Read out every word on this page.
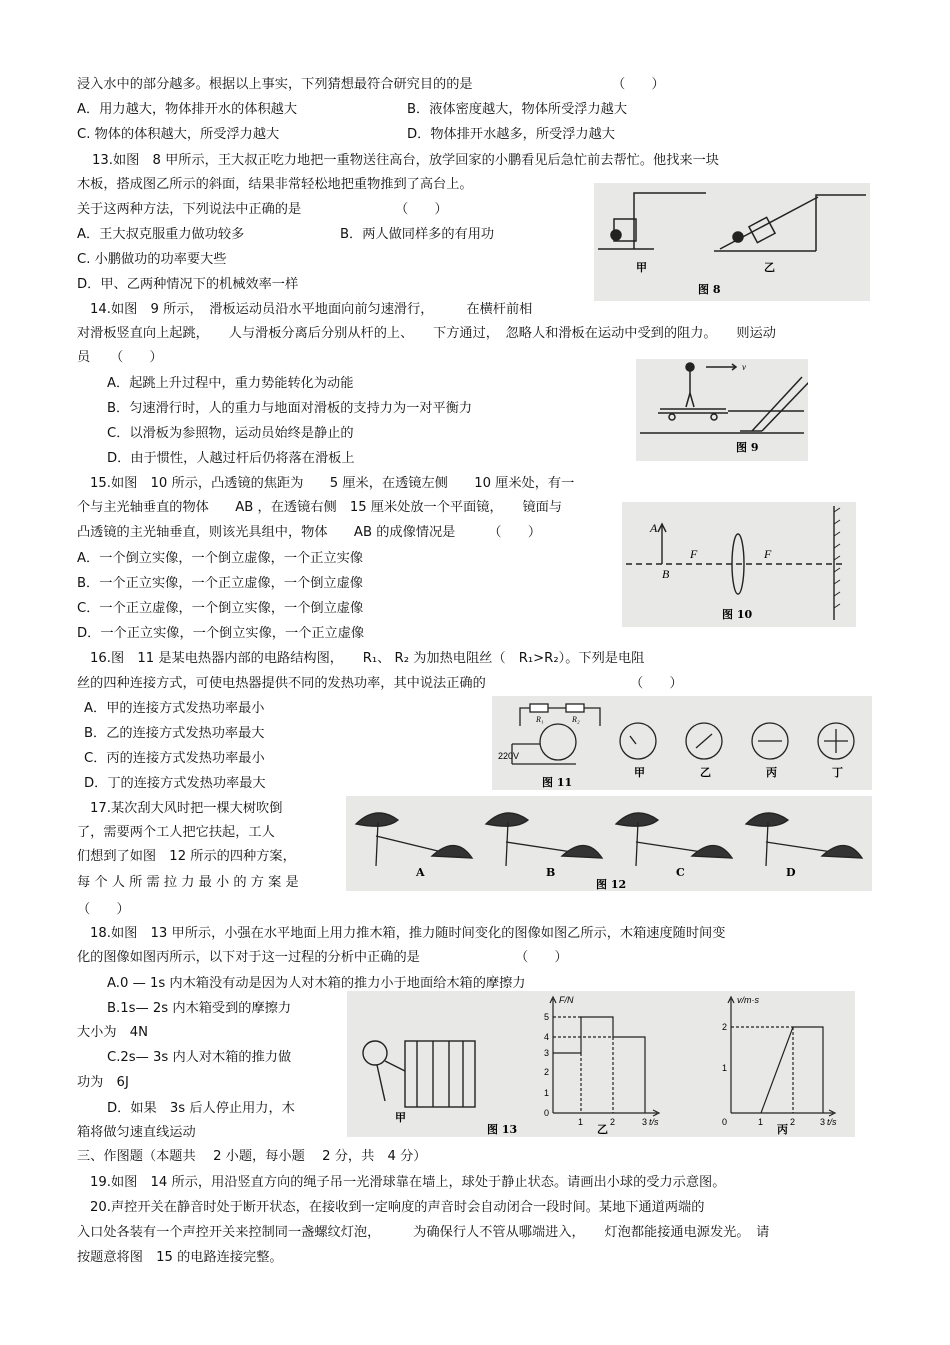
浸入水中的部分越多。根据以上事实，下列猜想最符合研究目的的是	（　　）
A．用力越大，物体排开水的体积越大	B．液体密度越大，物体所受浮力越大
C. 物体的体积越大，所受浮力越大	D．物体排开水越多，所受浮力越大
13.如图　8 甲所示，王大叔正吃力地把一重物送往高台，放学回家的小鹏看见后急忙前去帮忙。他找来一块
木板，搭成图乙所示的斜面，结果非常轻松地把重物推到了高台上。
关于这两种方法，下列说法中正确的是	（　　）
A．王大叔克服重力做功较多	B．两人做同样多的有用功
C. 小鹏做功的功率要大些
D．甲、乙两种情况下的机械效率一样
14.如图　9 所示，　滑板运动员沿水平地面向前匀速滑行，　　　在横杆前相
对滑板竖直向上起跳，　　人与滑板分离后分别从杆的上、　　下方通过，　忽略人和滑板在运动中受到的阻力。　　则运动
员　　（　　）
A．起跳上升过程中，重力势能转化为动能
B．匀速滑行时，人的重力与地面对滑板的支持力为一对平衡力
C．以滑板为参照物，运动员始终是静止的
D．由于惯性，人越过杆后仍将落在滑板上
15.如图　10 所示，凸透镜的焦距为　　5 厘米，在透镜左侧　　10 厘米处，有一
个与主光轴垂直的物体　　AB ，在透镜右侧　15 厘米处放一个平面镜，　　镜面与
凸透镜的主光轴垂直，则该光具组中，物体　　AB 的成像情况是　　　（　　）
A．一个倒立实像，一个倒立虚像，一个正立实像
B．一个正立实像，一个正立虚像，一个倒立虚像
C．一个正立虚像，一个倒立实像，一个倒立虚像
D．一个正立实像，一个倒立实像，一个正立虚像
16.图　11 是某电热器内部的电路结构图，　　R₁、 R₂ 为加热电阻丝（　R₁>R₂）。下列是电阻
丝的四种连接方式，可使电热器提供不同的发热功率，其中说法正确的	（　　）
A．甲的连接方式发热功率最小
B．乙的连接方式发热功率最大
C．丙的连接方式发热功率最小
D．丁的连接方式发热功率最大
17.某次刮大风时把一棵大树吹倒
了，需要两个工人把它扶起，工人
们想到了如图　12 所示的四种方案，
每 个 人 所 需 拉 力 最 小 的 方 案 是
（　　）
18.如图　13 甲所示，小强在水平地面上用力推木箱，推力随时间变化的图像如图乙所示，木箱速度随时间变
化的图像如图丙所示，以下对于这一过程的分析中正确的是	（　　）
A.0 — 1s 内木箱没有动是因为人对木箱的推力小于地面给木箱的摩擦力
B.1s— 2s 内木箱受到的摩擦力
大小为　4N
C.2s— 3s 内人对木箱的推力做
功为　6J
D．如果　3s 后人停止用力，木
箱将做匀速直线运动
三、作图题（本题共　 2 小题，每小题　 2 分，共　4 分）
19.如图　14 所示，用沿竖直方向的绳子吊一光滑球靠在墙上，球处于静止状态。请画出小球的受力示意图。
20.声控开关在静音时处于断开状态，在接收到一定响度的声音时会自动闭合一段时间。某地下通道两端的
入口处各装有一个声控开关来控制同一盏螺纹灯泡，　　　为确保行人不管从哪端进入，　　灯泡都能接通电源发光。　请
按题意将图　15 的电路连接完整。
甲	乙
图 8
v
图 9
A
B
F	F
图 10
R₁	R₂
220V
甲	乙	丙	丁
图 11
A	B	C	D
图 12
甲
图 13
F/N
0
1
2
3
4
5
1	2	3 t/s
乙
v/m·s
2
1
0	1	2	3 t/s
丙
